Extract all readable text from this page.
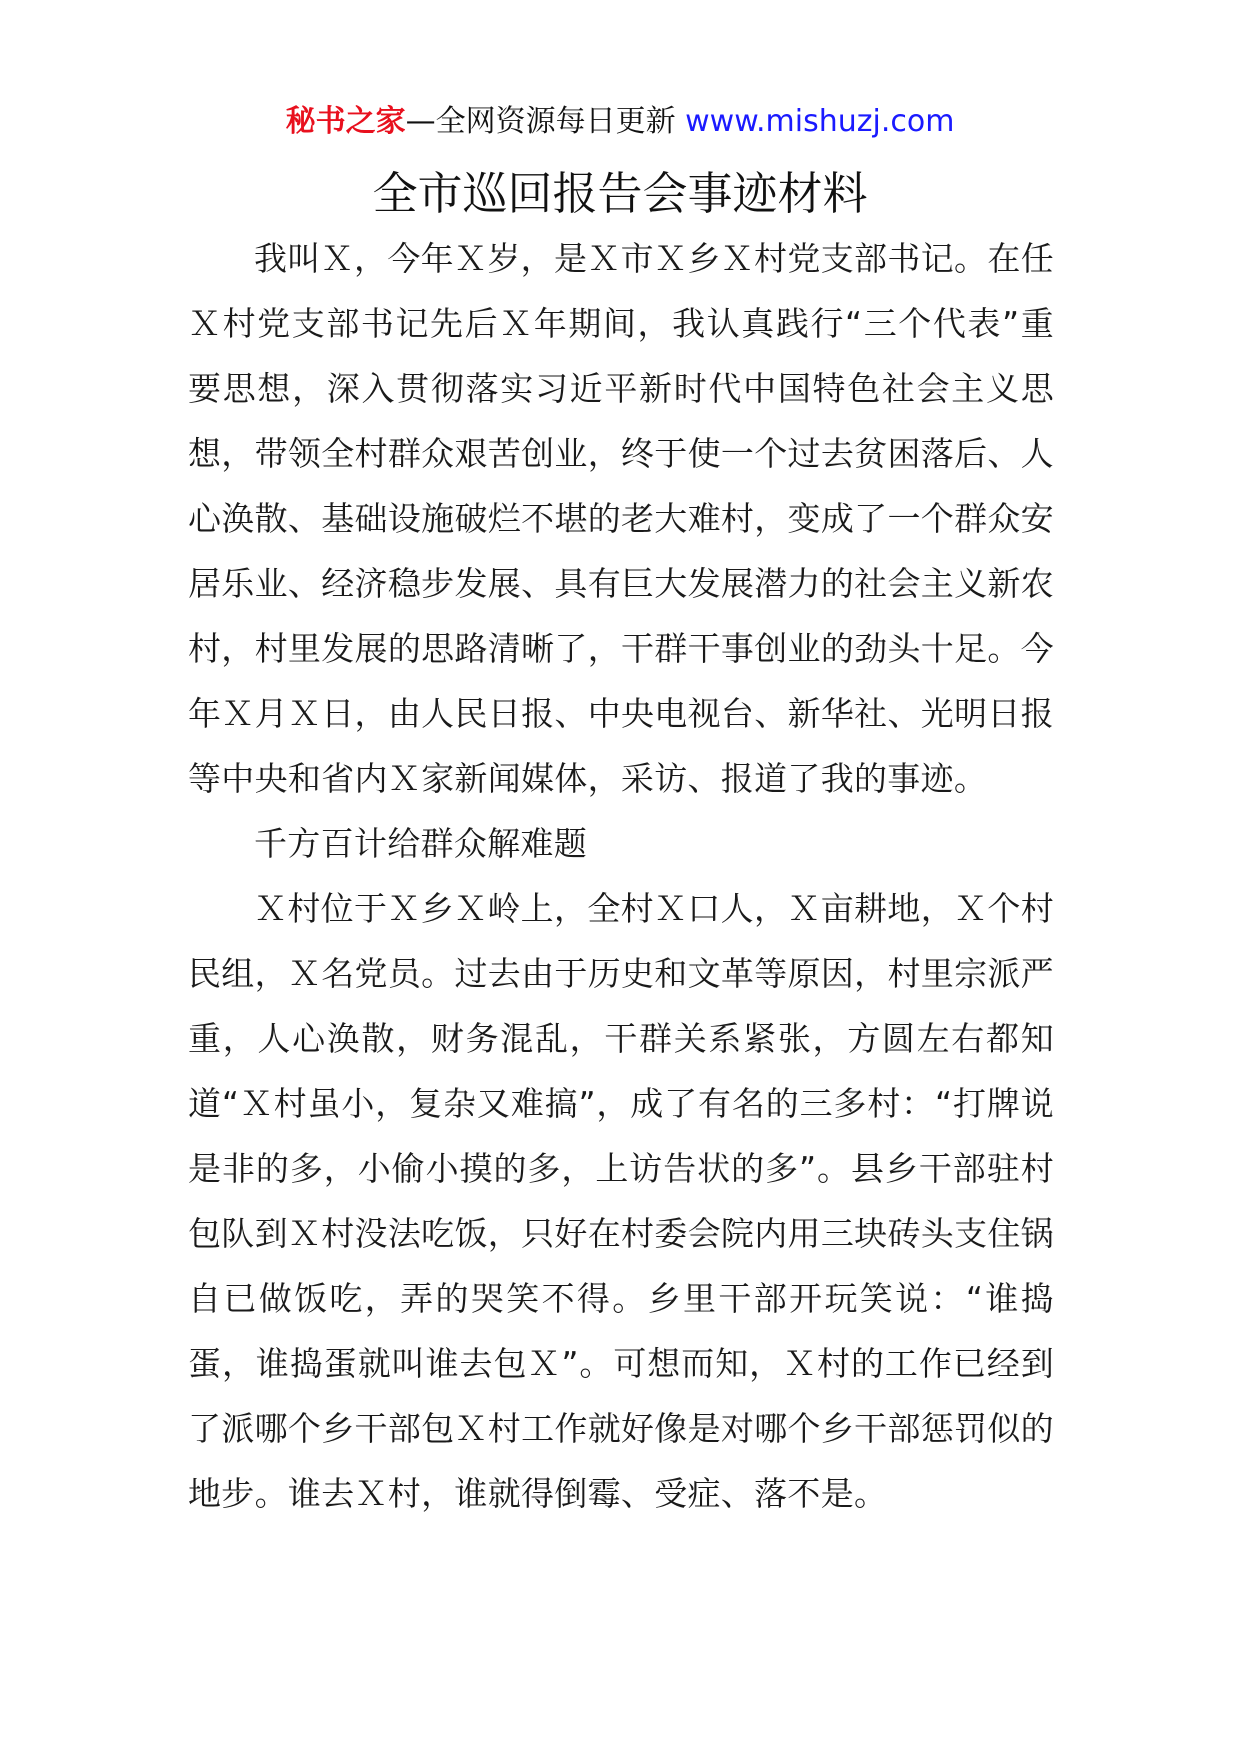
秘书之家—全网资源每日更新 www.mishuzj.com
全市巡回报告会事迹材料

我叫Ｘ，今年Ｘ岁，是Ｘ市Ｘ乡Ｘ村党支部书记。在任Ｘ村党支部书记先后Ｘ年期间，我认真践行“三个代表”重要思想，深入贯彻落实习近平新时代中国特色社会主义思想，带领全村群众艰苦创业，终于使一个过去贫困落后、人心涣散、基础设施破烂不堪的老大难村，变成了一个群众安居乐业、经济稳步发展、具有巨大发展潜力的社会主义新农村，村里发展的思路清晰了，干群干事创业的劲头十足。今年Ｘ月Ｘ日，由人民日报、中央电视台、新华社、光明日报等中央和省内Ｘ家新闻媒体，采访、报道了我的事迹。

千方百计给群众解难题

Ｘ村位于Ｘ乡Ｘ岭上，全村Ｘ口人，Ｘ亩耕地，Ｘ个村民组，Ｘ名党员。过去由于历史和文革等原因，村里宗派严重，人心涣散，财务混乱，干群关系紧张，方圆左右都知道“Ｘ村虽小，复杂又难搞”，成了有名的三多村：“打牌说是非的多，小偷小摸的多，上访告状的多”。县乡干部驻村包队到Ｘ村没法吃饭，只好在村委会院内用三块砖头支住锅自已做饭吃，弄的哭笑不得。乡里干部开玩笑说：“谁捣蛋，谁捣蛋就叫谁去包Ｘ”。可想而知，Ｘ村的工作已经到了派哪个乡干部包Ｘ村工作就好像是对哪个乡干部惩罚似的地步。谁去Ｘ村，谁就得倒霉、受症、落不是。
